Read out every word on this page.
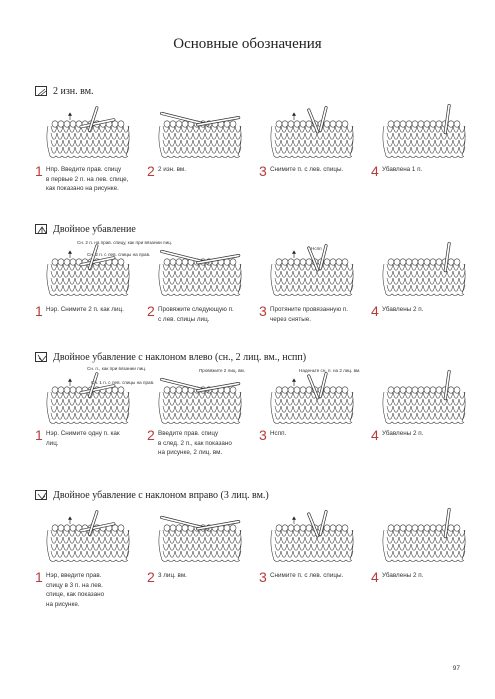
Основные обозначения
2 изн. вм.
1 Нпр. Введите прав. спицу
в первые 2 п. на лев. спице,
как показано на рисунке.
2 2 изн. вм.	3 Снимите п. с лев. спицы.	4 Убавлена 1 п.
Двойное убавление
Сн. 2 п. на прав. спицу, как при вязании лиц.
Сн. 2 п. с лев. спицы на прав.
1 Нэр. Снимите 2 п. как лиц.	2 Провяжите следующую п.
с лев. спицы лиц.
Нспп
3 Протяните провязанную п.
через снятые.
4 Убавлены 2 п.
Двойное убавление с наклоном влево (сн., 2 лиц. вм., нспп)
Сн. п., как при вязании лиц.
Сн. 1 п. с лев. спицы на прав.
1 Нэр. Снимите одну п. как
лиц.
Провяжите 2 лиц. вм.
2 Введите прав. спицу
в след. 2 п., как показано
на рисунке, 2 лиц. вм.
Наденьте сн. п. на 2 лиц. вм.
3 Нспп.	4 Убавлены 2 п.
Двойное убавление с наклоном вправо (3 лиц. вм.)
1 Нэр, введите прав.
спицу в 3 п. на лев.
спице, как показано
на рисунке.
2 3 лиц. вм.	3 Снимите п. с лев. спицы.	4 Убавлены 2 п.
97
